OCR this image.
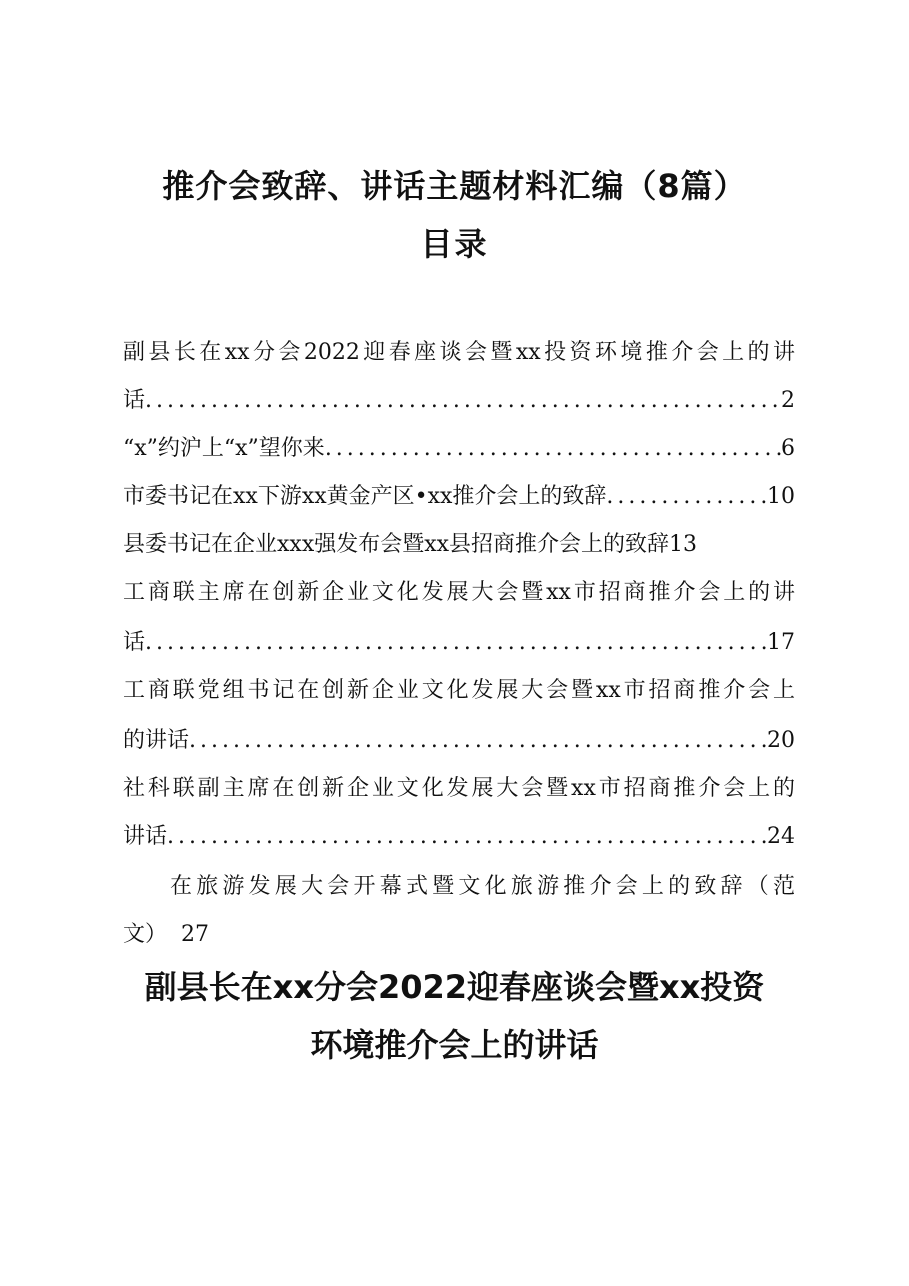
推介会致辞、讲话主题材料汇编（8篇）
目录
副县长在xx分会2022迎春座谈会暨xx投资环境推介会上的讲
话 .....	2
“x”约沪上“x”望你来 .....	6
市委书记在xx下游xx黄金产区•xx推介会上的致辞 .....	10
县委书记在企业xxx强发布会暨xx县招商推介会上的致辞13
工商联主席在创新企业文化发展大会暨xx市招商推介会上的讲
话 .....	17
工商联党组书记在创新企业文化发展大会暨xx市招商推介会上
的讲话 .....	20
社科联副主席在创新企业文化发展大会暨xx市招商推介会上的
讲话 .....	24
在旅游发展大会开幕式暨文化旅游推介会上的致辞（范
文） 27
副县长在xx分会2022迎春座谈会暨xx投资
环境推介会上的讲话
